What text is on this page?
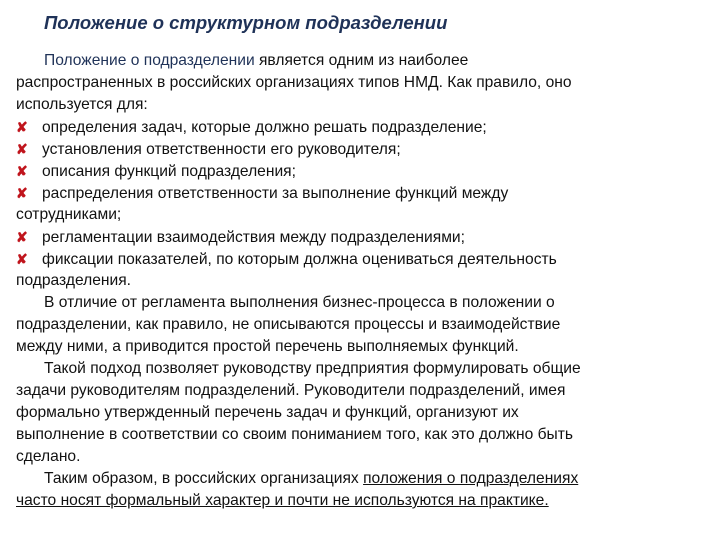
Положение о структурном подразделении
Положение о подразделении является одним из наиболее
распространенных в российских организациях типов НМД. Как правило, оно
используется для:
✘ определения задач, которые должно решать подразделение;
✘ установления ответственности его руководителя;
✘ описания функций подразделения;
✘ распределения ответственности за выполнение функций между
сотрудниками;
✘ регламентации взаимодействия между подразделениями;
✘ фиксации показателей, по которым должна оцениваться деятельность
подразделения.
В отличие от регламента выполнения бизнес-процесса в положении о
подразделении, как правило, не описываются процессы и взаимодействие
между ними, а приводится простой перечень выполняемых функций.
Такой подход позволяет руководству предприятия формулировать общие
задачи руководителям подразделений. Руководители подразделений, имея
формально утвержденный перечень задач и функций, организуют их
выполнение в соответствии со своим пониманием того, как это должно быть
сделано.
Таким образом, в российских организациях положения о подразделениях
часто носят формальный характер и почти не используются на практике.
